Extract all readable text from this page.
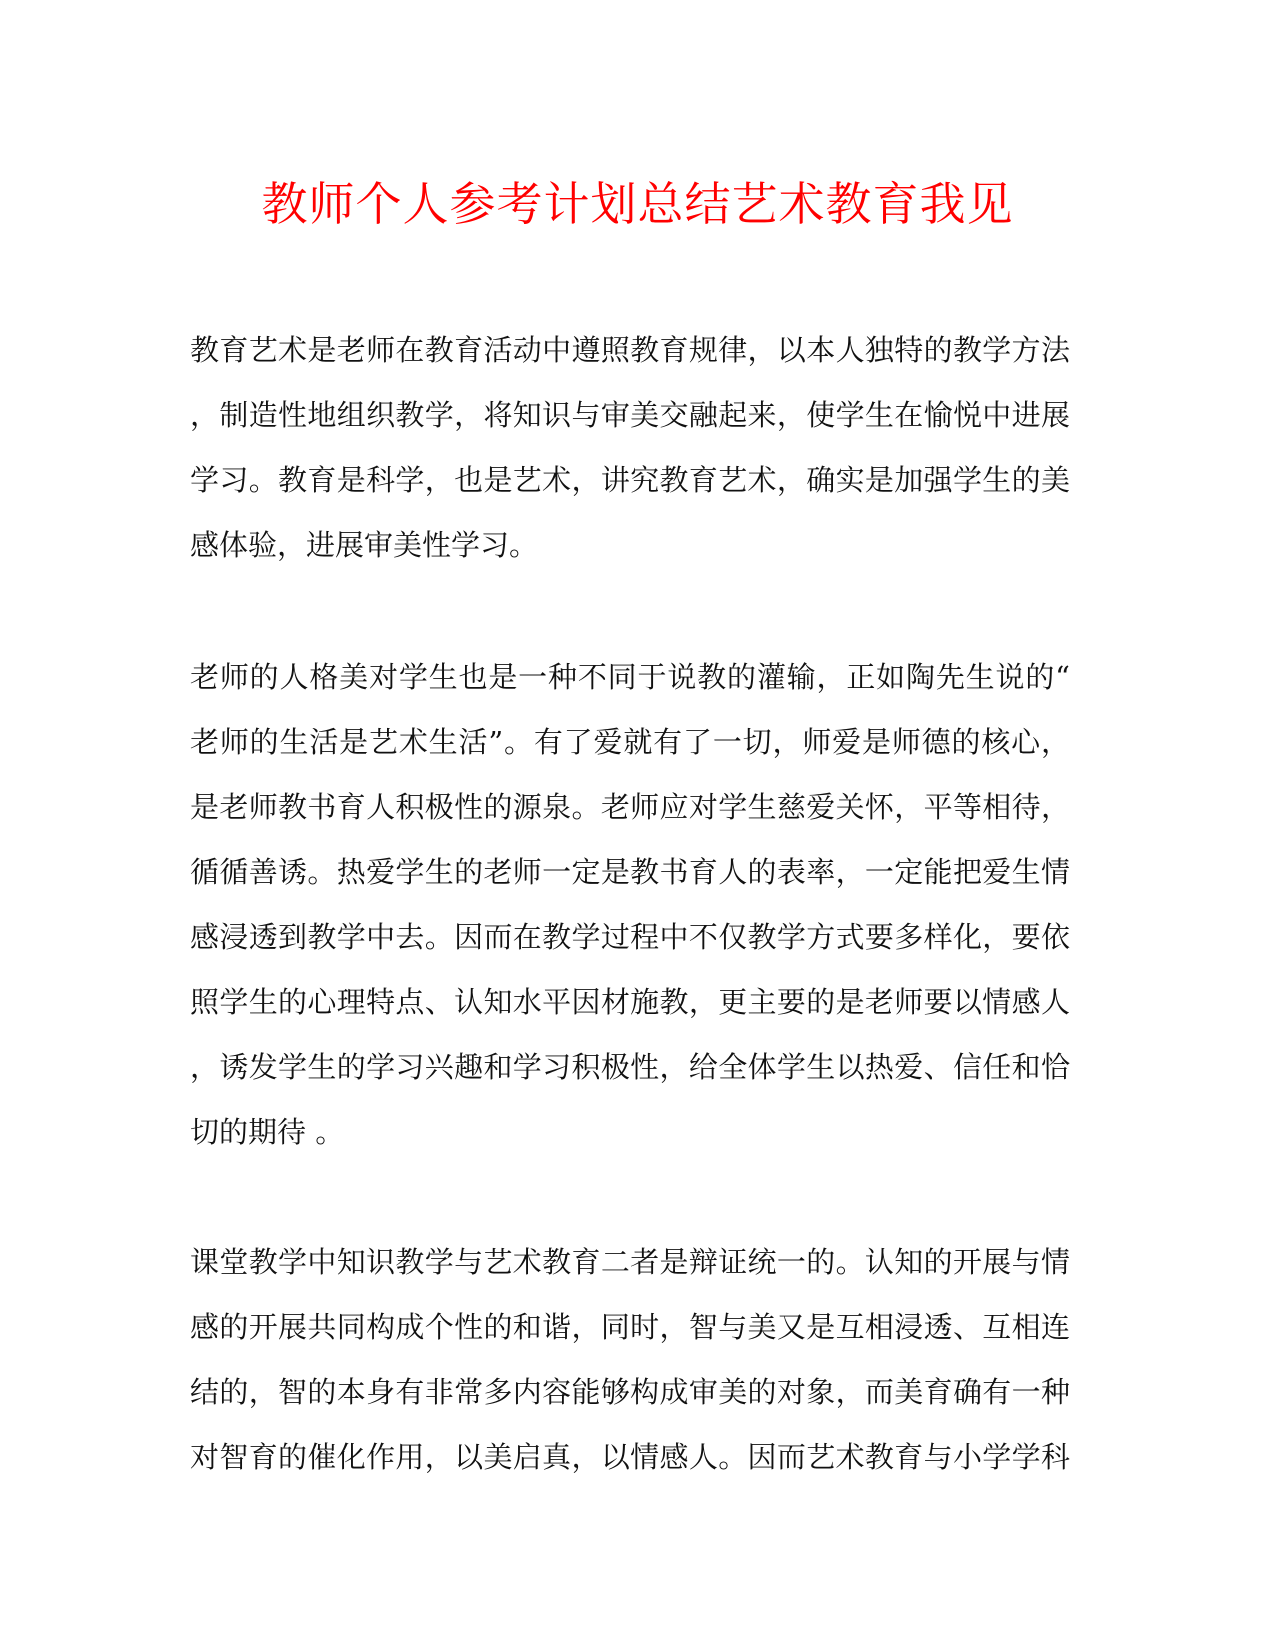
教师个人参考计划总结艺术教育我见
教育艺术是老师在教育活动中遵照教育规律，以本人独特的教学方法
，制造性地组织教学，将知识与审美交融起来，使学生在愉悦中进展
学习。教育是科学，也是艺术，讲究教育艺术，确实是加强学生的美
感体验，进展审美性学习。
老师的人格美对学生也是一种不同于说教的灌输，正如陶先生说的“
老师的生活是艺术生活”。有了爱就有了一切，师爱是师德的核心，
是老师教书育人积极性的源泉。老师应对学生慈爱关怀，平等相待，
循循善诱。热爱学生的老师一定是教书育人的表率，一定能把爱生情
感浸透到教学中去。因而在教学过程中不仅教学方式要多样化，要依
照学生的心理特点、认知水平因材施教，更主要的是老师要以情感人
，诱发学生的学习兴趣和学习积极性，给全体学生以热爱、信任和恰
切的期待 。
课堂教学中知识教学与艺术教育二者是辩证统一的。认知的开展与情
感的开展共同构成个性的和谐，同时，智与美又是互相浸透、互相连
结的，智的本身有非常多内容能够构成审美的对象，而美育确有一种
对智育的催化作用，以美启真，以情感人。因而艺术教育与小学学科
